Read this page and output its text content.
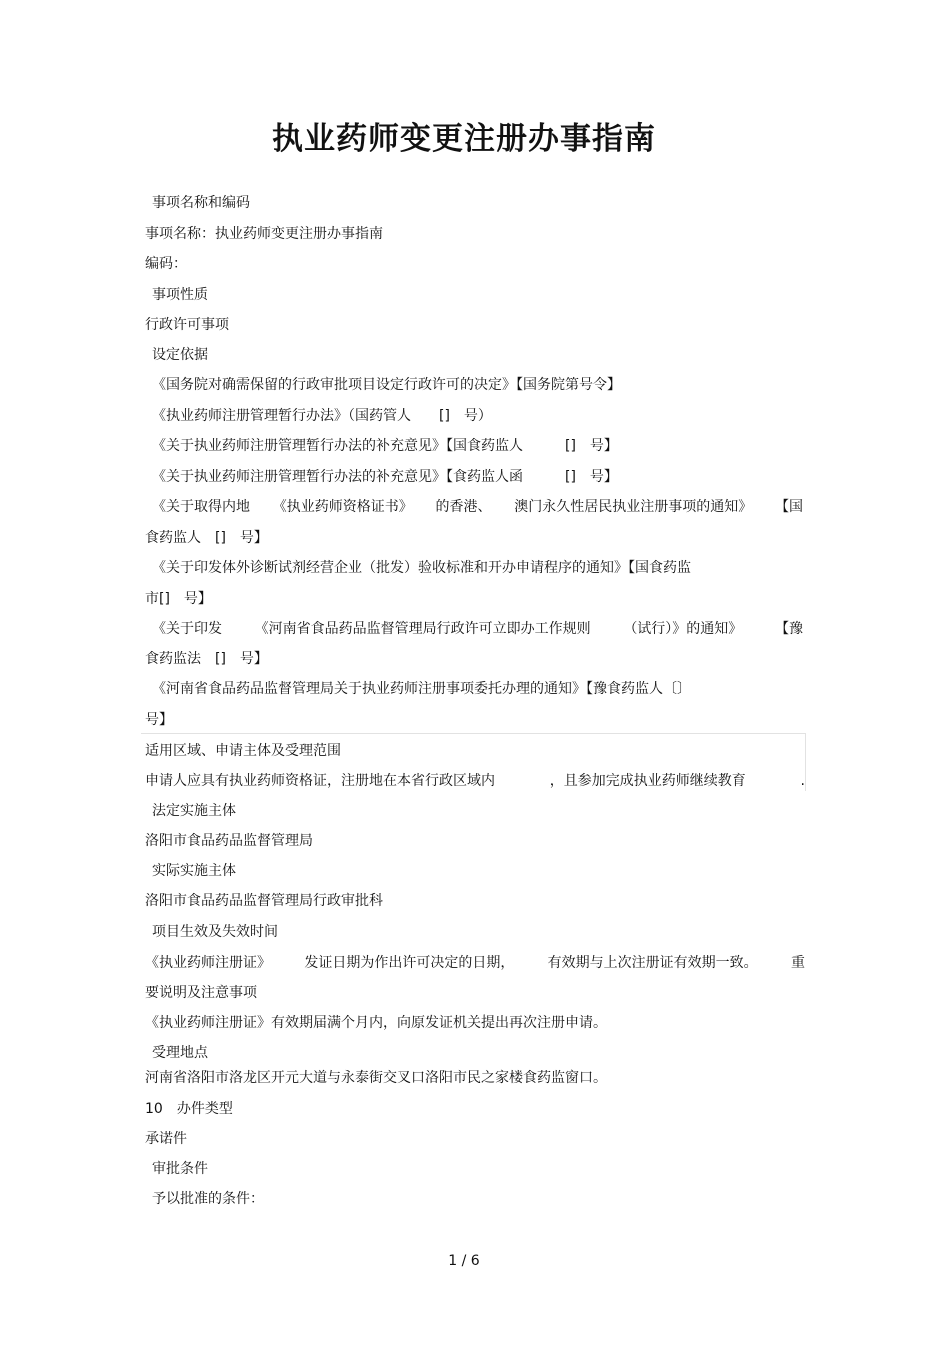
执业药师变更注册办事指南

事项名称和编码

事项名称：执业药师变更注册办事指南

编码：

事项性质

行政许可事项

设定依据

《国务院对确需保留的行政审批项目设定行政许可的决定》【国务院第号令】

《执业药师注册管理暂行办法》（国药管人　　[]　号）

《关于执业药师注册管理暂行办法的补充意见》【国食药监人　　　[]　号】

《关于执业药师注册管理暂行办法的补充意见》【食药监人函　　　[]　号】

《关于取得内地 《执业药师资格证书》 的香港、 澳门永久性居民执业注册事项的通知》 【国

食药监人　[]　号】

《关于印发体外诊断试剂经营企业（批发）验收标准和开办申请程序的通知》【国食药监

市[]　号】

《关于印发 《河南省食品药品监督管理局行政许可立即办工作规则 （试行）》的通知》 【豫

食药监法　[]　号】

《河南省食品药品监督管理局关于执业药师注册事项委托办理的通知》【豫食药监人〔〕

号】

适用区域、申请主体及受理范围

申请人应具有执业药师资格证，注册地在本省行政区域内	，且参加完成执业药师继续教育	.

法定实施主体

洛阳市食品药品监督管理局

实际实施主体

洛阳市食品药品监督管理局行政审批科

项目生效及失效时间

《执业药师注册证》 发证日期为作出许可决定的日期， 有效期与上次注册证有效期一致。 重

要说明及注意事项

《执业药师注册证》有效期届满个月内，向原发证机关提出再次注册申请。

受理地点

河南省洛阳市洛龙区开元大道与永泰街交叉口洛阳市民之家楼食药监窗口。

10　办件类型

承诺件

审批条件

予以批准的条件：

1 / 6
